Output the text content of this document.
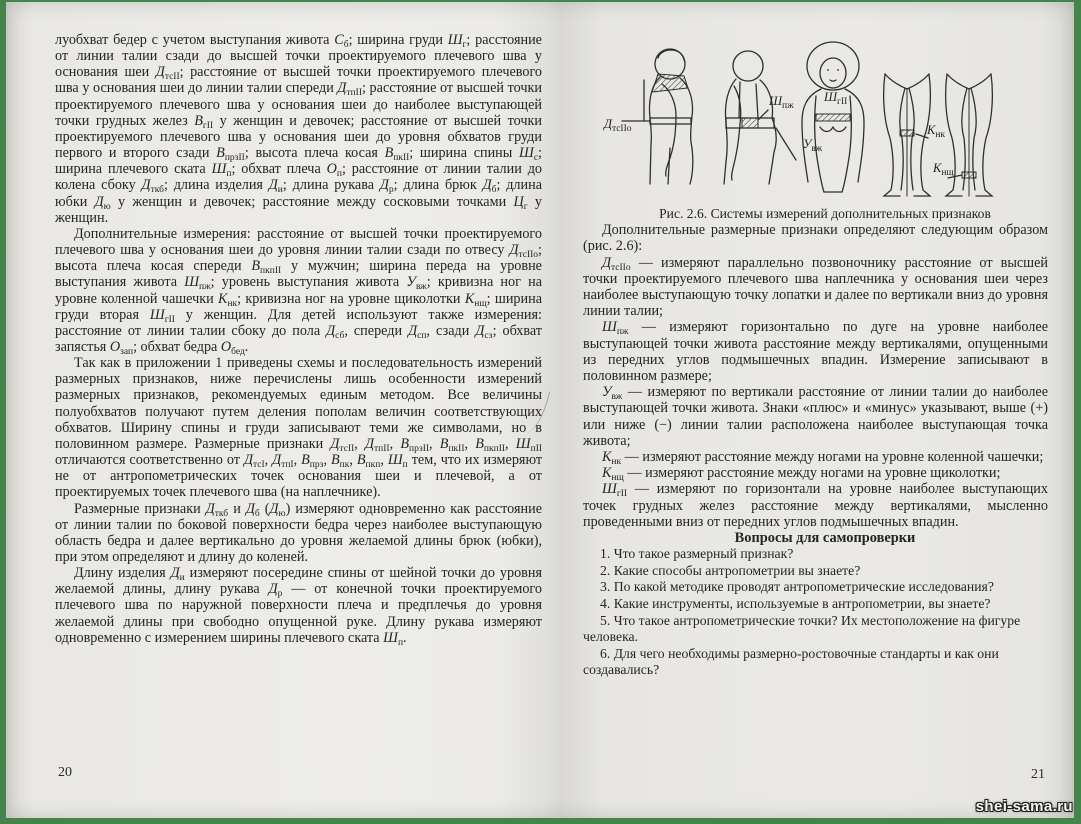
луобхват бедер с учетом выступания живота $С_б$; ширина груди $Ш_г$; расстояние от линии талии сзади до высшей точки проектируемого плечевого шва у основания шеи $Д_{тсII}$; расстояние от высшей точки проектируемого плечевого шва у основания шеи до линии талии спереди $Д_{тпII}$; расстояние от высшей точки проектируемого плечевого шва у основания шеи до наиболее выступающей точки грудных желез $В_{гII}$ у женщин и девочек; расстояние от высшей точки проектируемого плечевого шва у основания шеи до уровня обхватов груди первого и второго сзади $В_{прзII}$; высота плеча косая $В_{пкII}$; ширина спины $Ш_с$; ширина плечевого ската $Ш_п$; обхват плеча $О_п$; расстояние от линии талии до колена сбоку $Д_{ткб}$; длина изделия $Д_и$; длина рукава $Д_р$; длина брюк $Д_б$; длина юбки $Д_ю$ у женщин и девочек; расстояние между сосковыми точками $Ц_г$ у женщин.

Дополнительные измерения: расстояние от высшей точки проектируемого плечевого шва у основания шеи до уровня линии талии сзади по отвесу $Д_{тсIIо}$; высота плеча косая спереди $В_{пкпII}$ у мужчин; ширина переда на уровне выступания живота $Ш_{пж}$; уровень выступания живота $У_{вж}$; кривизна ног на уровне коленной чашечки $К_{нк}$; кривизна ног на уровне щиколотки $К_{нщ}$; ширина груди вторая $Ш_{гII}$ у женщин. Для детей используют также измерения: расстояние от линии талии сбоку до пола $Д_{сб}$, спереди $Д_{сп}$, сзади $Д_{сз}$; обхват запястья $О_{зап}$; обхват бедра $О_{бед}$.

Так как в приложении 1 приведены схемы и последовательность измерений размерных признаков, ниже перечислены лишь особенности измерений размерных признаков, рекомендуемых единым методом. Все величины полуобхватов получают путем деления пополам величин соответствующих обхватов. Ширину спины и груди записывают теми же символами, но в половинном размере. Размерные признаки $Д_{тсII}$, $Д_{тпII}$, $В_{прзII}$, $В_{пкII}$, $В_{пкпII}$, $Ш_{пII}$ отличаются соответственно от $Д_{тсI}$, $Д_{тпI}$, $В_{прз}$, $В_{пк}$, $В_{пкп}$, $Ш_п$ тем, что их измеряют не от антропометрических точек основания шеи и плечевой, а от проектируемых точек плечевого шва (на наплечнике).

Размерные признаки $Д_{ткб}$ и $Д_б$ $(Д_ю)$ измеряют одновременно как расстояние от линии талии по боковой поверхности бедра через наиболее выступающую область бедра и далее вертикально до уровня желаемой длины брюк (юбки), при этом определяют и длину до коленей.

Длину изделия $Д_и$ измеряют посередине спины от шейной точки до уровня желаемой длины, длину рукава $Д_р$ — от конечной точки проектируемого плечевого шва по наружной поверхности плеча и предплечья до уровня желаемой длины при свободно опущенной руке. Длину рукава измеряют одновременно с измерением ширины плечевого ската $Ш_п$.

$Д_{тсIIо}$
$Ш_{пж}$
$У_{вж}$
$Ш_{гII}$
$К_{нк}$
$К_{нщ}$

Рис. 2.6. Системы измерений дополнительных признаков

Дополнительные размерные признаки определяют следующим образом (рис. 2.6):

$Д_{тсIIо}$ — измеряют параллельно позвоночнику расстояние от высшей точки проектируемого плечевого шва наплечника у основания шеи через наиболее выступающую точку лопатки и далее по вертикали вниз до уровня линии талии;

$Ш_{пж}$ — измеряют горизонтально по дуге на уровне наиболее выступающей точки живота расстояние между вертикалями, опущенными из передних углов подмышечных впадин. Измерение записывают в половинном размере;

$У_{вж}$ — измеряют по вертикали расстояние от линии талии до наиболее выступающей точки живота. Знаки «плюс» и «минус» указывают, выше (+) или ниже (−) линии талии расположена наиболее выступающая точка живота;

$К_{нк}$ — измеряют расстояние между ногами на уровне коленной чашечки;

$К_{нщ}$ — измеряют расстояние между ногами на уровне щиколотки;

$Ш_{гII}$ — измеряют по горизонтали на уровне наиболее выступающих точек грудных желез расстояние между вертикалями, мысленно проведенными вниз от передних углов подмышечных впадин.

Вопросы для самопроверки

1. Что такое размерный признак?

2. Какие способы антропометрии вы знаете?

3. По какой методике проводят антропометрические исследования?

4. Какие инструменты, используемые в антропометрии, вы знаете?

5. Что такое антропометрические точки? Их местоположение на фигуре человека.

6. Для чего необходимы размерно-ростовочные стандарты и как они создавались?

20	21
shei-sama.ru
